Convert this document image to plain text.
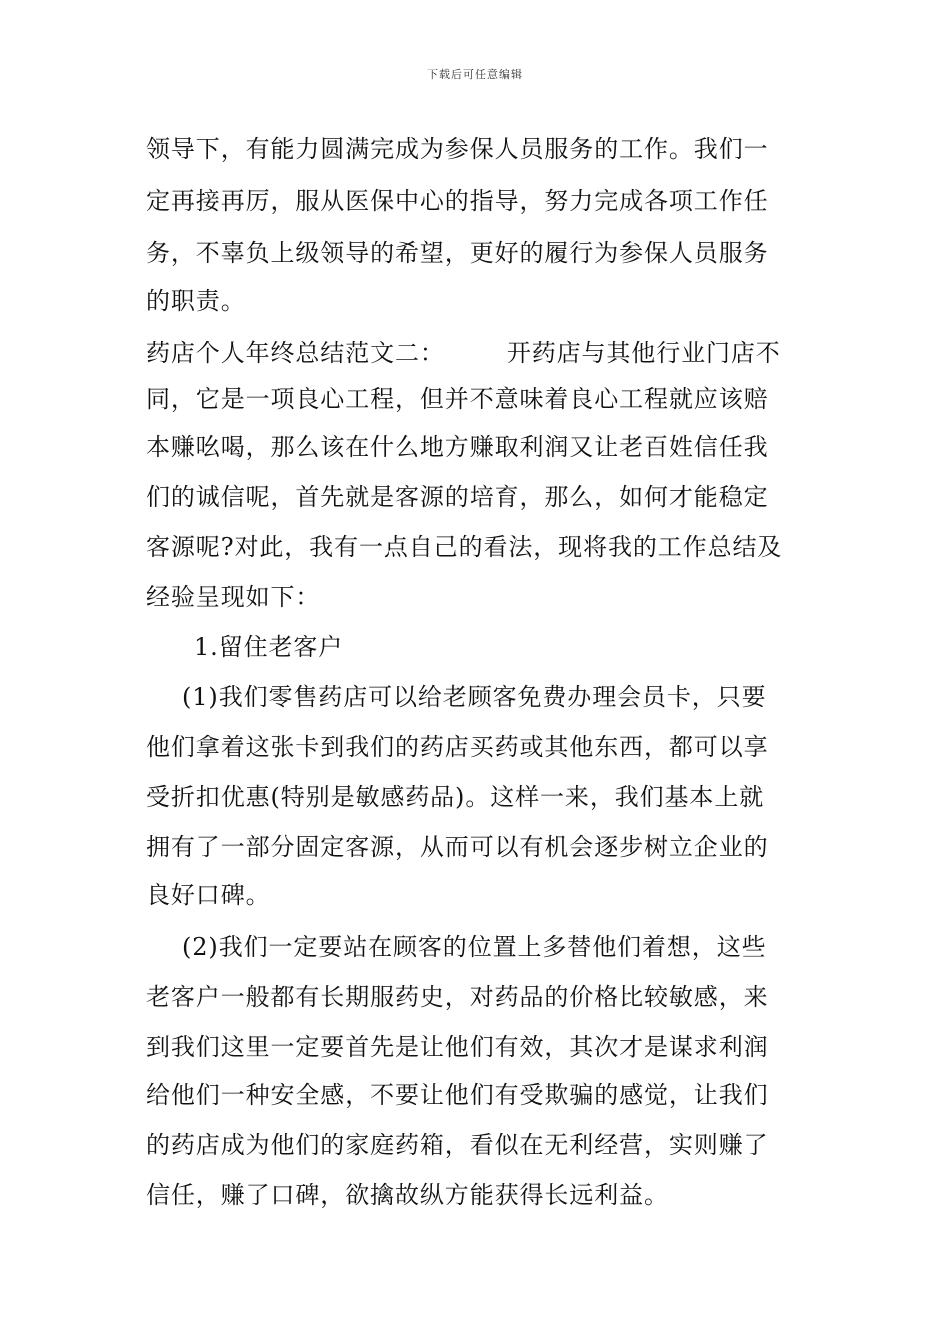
下载后可任意编辑
领导下，有能力圆满完成为参保人员服务的工作。我们一
定再接再厉，服从医保中心的指导，努力完成各项工作任
务，不辜负上级领导的希望，更好的履行为参保人员服务
的职责。
药店个人年终总结范文二：	开药店与其他行业门店不
同，它是一项良心工程，但并不意味着良心工程就应该赔
本赚吆喝，那么该在什么地方赚取利润又让老百姓信任我
们的诚信呢，首先就是客源的培育，那么，如何才能稳定
客源呢?对此，我有一点自己的看法，现将我的工作总结及
经验呈现如下：
1.留住老客户
(1)我们零售药店可以给老顾客免费办理会员卡，只要
他们拿着这张卡到我们的药店买药或其他东西，都可以享
受折扣优惠(特别是敏感药品)。这样一来，我们基本上就
拥有了一部分固定客源，从而可以有机会逐步树立企业的
良好口碑。
(2)我们一定要站在顾客的位置上多替他们着想，这些
老客户一般都有长期服药史，对药品的价格比较敏感，来
到我们这里一定要首先是让他们有效，其次才是谋求利润
给他们一种安全感，不要让他们有受欺骗的感觉，让我们
的药店成为他们的家庭药箱，看似在无利经营，实则赚了
信任，赚了口碑，欲擒故纵方能获得长远利益。
